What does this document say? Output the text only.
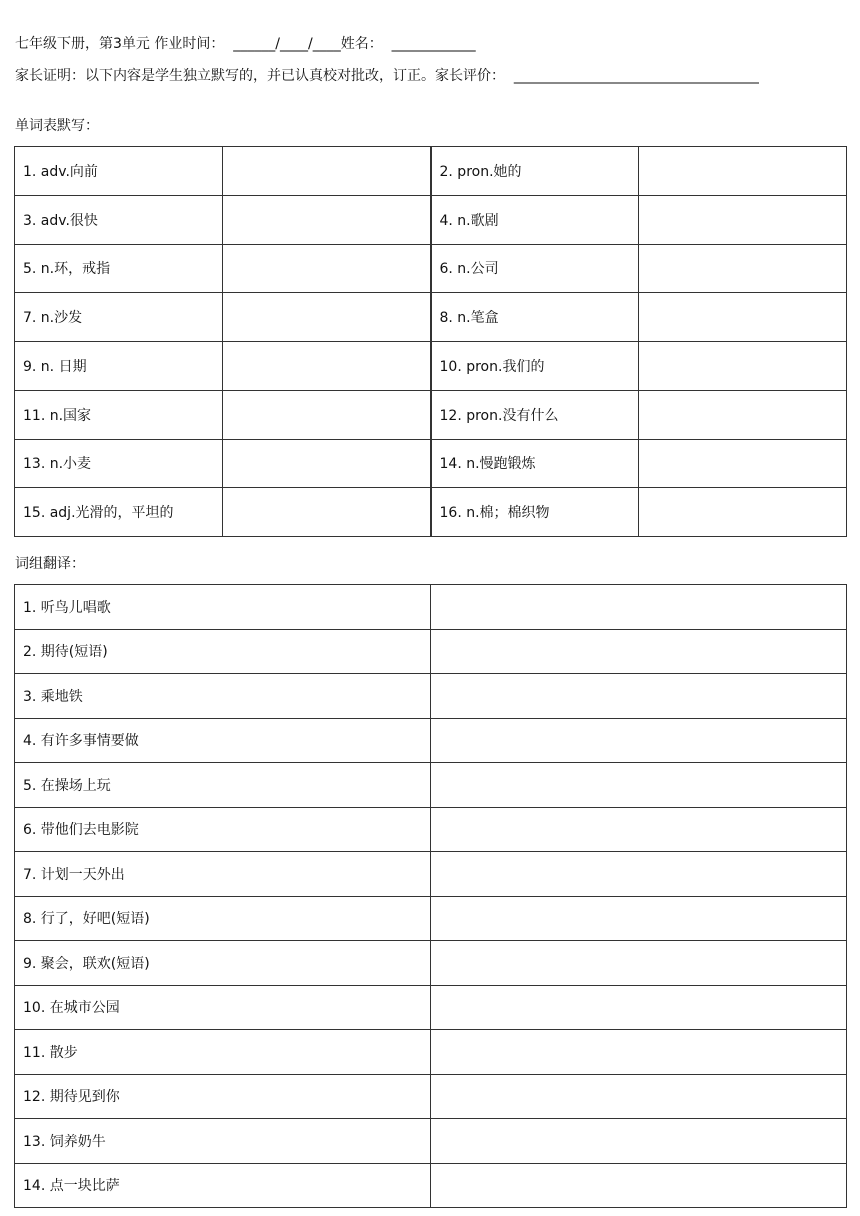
七年级下册，第3单元 作业时间：  ______/____/____姓名：  ____________
家长证明：以下内容是学生独立默写的，并已认真校对批改，订正。家长评价：  ___________________________________
单词表默写：
1. adv.向前		2. pron.她的	
3. adv.很快		4. n.歌剧	
5. n.环，戒指		6. n.公司	
7. n.沙发		8. n.笔盒	
9. n. 日期		10. pron.我们的	
11. n.国家		12. pron.没有什么	
13. n.小麦		14. n.慢跑锻炼	
15. adj.光滑的，平坦的		16. n.棉；棉织物	
词组翻译：
1. 听鸟儿唱歌	
2. 期待(短语)	
3. 乘地铁	
4. 有许多事情要做	
5. 在操场上玩	
6. 带他们去电影院	
7. 计划一天外出	
8. 行了，好吧(短语)	
9. 聚会，联欢(短语)	
10. 在城市公园	
11. 散步	
12. 期待见到你	
13. 饲养奶牛	
14. 点一块比萨	
